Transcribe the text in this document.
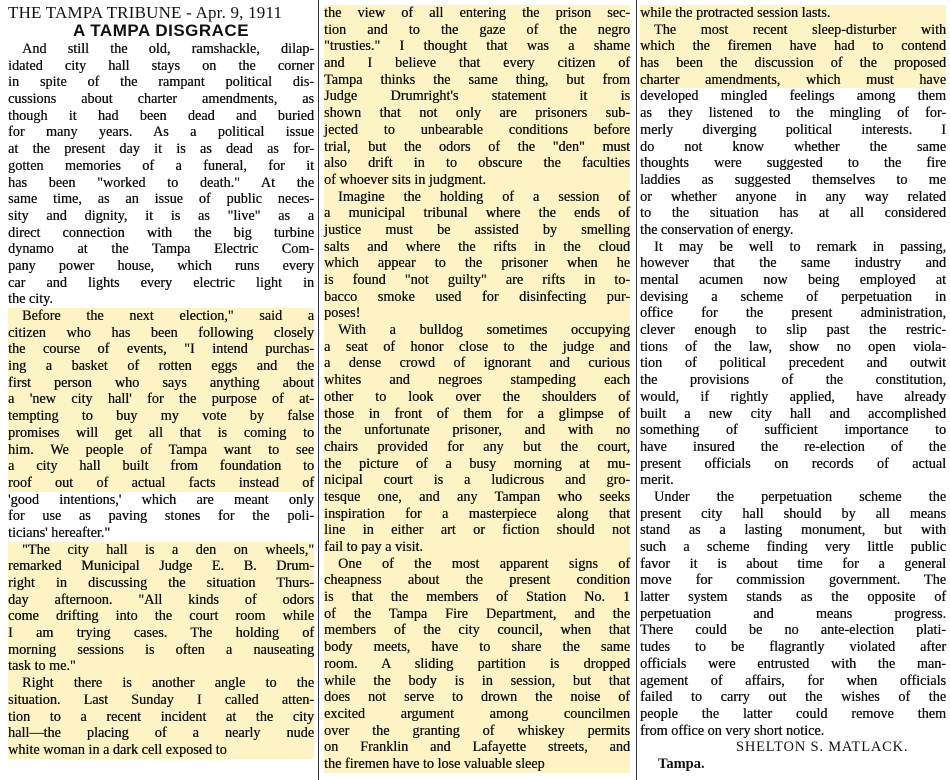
THE TAMPA TRIBUNE - Apr. 9, 1911
A TAMPA DISGRACE
And still the old, ramshackle, dilap-
idated city hall stays on the corner
in spite of the rampant political dis-
cussions about charter amendments, as
though it had been dead and buried
for many years. As a political issue
at the present day it is as dead as for-
gotten memories of a funeral, for it
has been "worked to death." At the
same time, as an issue of public neces-
sity and dignity, it is as "live" as a
direct connection with the big turbine
dynamo at the Tampa Electric Com-
pany power house, which runs every
car and lights every electric light in
the city.
Before the next election," said a
citizen who has been following closely
the course of events, "I intend purchas-
ing a basket of rotten eggs and the
first person who says anything about
a 'new city hall' for the purpose of at-
tempting to buy my vote by false
promises will get all that is coming to
him. We people of Tampa want to see
a city hall built from foundation to
roof out of actual facts instead of
'good intentions,' which are meant only
for use as paving stones for the poli-
ticians' hereafter."
"The city hall is a den on wheels,"
remarked Municipal Judge E. B. Drum-
right in discussing the situation Thurs-
day afternoon. "All kinds of odors
come drifting into the court room while
I am trying cases. The holding of
morning sessions is often a nauseating
task to me."
Right there is another angle to the
situation. Last Sunday I called atten-
tion to a recent incident at the city
hall—the placing of a nearly nude
white woman in a dark cell exposed to
the view of all entering the prison sec-
tion and to the gaze of the negro
"trusties." I thought that was a shame
and I believe that every citizen of
Tampa thinks the same thing, but from
Judge Drumright's statement it is
shown that not only are prisoners sub-
jected to unbearable conditions before
trial, but the odors of the "den" must
also drift in to obscure the faculties
of whoever sits in judgment.
Imagine the holding of a session of
a municipal tribunal where the ends of
justice must be assisted by smelling
salts and where the rifts in the cloud
which appear to the prisoner when he
is found "not guilty" are rifts in to-
bacco smoke used for disinfecting pur-
poses!
With a bulldog sometimes occupying
a seat of honor close to the judge and
a dense crowd of ignorant and curious
whites and negroes stampeding each
other to look over the shoulders of
those in front of them for a glimpse of
the unfortunate prisoner, and with no
chairs provided for any but the court,
the picture of a busy morning at mu-
nicipal court is a ludicrous and gro-
tesque one, and any Tampan who seeks
inspiration for a masterpiece along that
line in either art or fiction should not
fail to pay a visit.
One of the most apparent signs of
cheapness about the present condition
is that the members of Station No. 1
of the Tampa Fire Department, and the
members of the city council, when that
body meets, have to share the same
room. A sliding partition is dropped
while the body is in session, but that
does not serve to drown the noise of
excited argument among councilmen
over the granting of whiskey permits
on Franklin and Lafayette streets, and
the firemen have to lose valuable sleep
while the protracted session lasts.
The most recent sleep-disturber with
which the firemen have had to contend
has been the discussion of the proposed
charter amendments, which must have
developed mingled feelings among them
as they listened to the mingling of for-
merly diverging political interests. I
do not know whether the same
thoughts were suggested to the fire
laddies as suggested themselves to me
or whether anyone in any way related
to the situation has at all considered
the conservation of energy.
It may be well to remark in passing,
however that the same industry and
mental acumen now being employed at
devising a scheme of perpetuation in
office for the present administration,
clever enough to slip past the restric-
tions of the law, show no open viola-
tion of political precedent and outwit
the provisions of the constitution,
would, if rightly applied, have already
built a new city hall and accomplished
something of sufficient importance to
have insured the re-election of the
present officials on records of actual
merit.
Under the perpetuation scheme the
present city hall should by all means
stand as a lasting monument, but with
such a scheme finding very little public
favor it is about time for a general
move for commission government. The
latter system stands as the opposite of
perpetuation and means progress.
There could be no ante-election plati-
tudes to be flagrantly violated after
officials were entrusted with the man-
agement of affairs, for when officials
failed to carry out the wishes of the
people the latter could remove them
from office on very short notice.
SHELTON S. MATLACK.
Tampa.
